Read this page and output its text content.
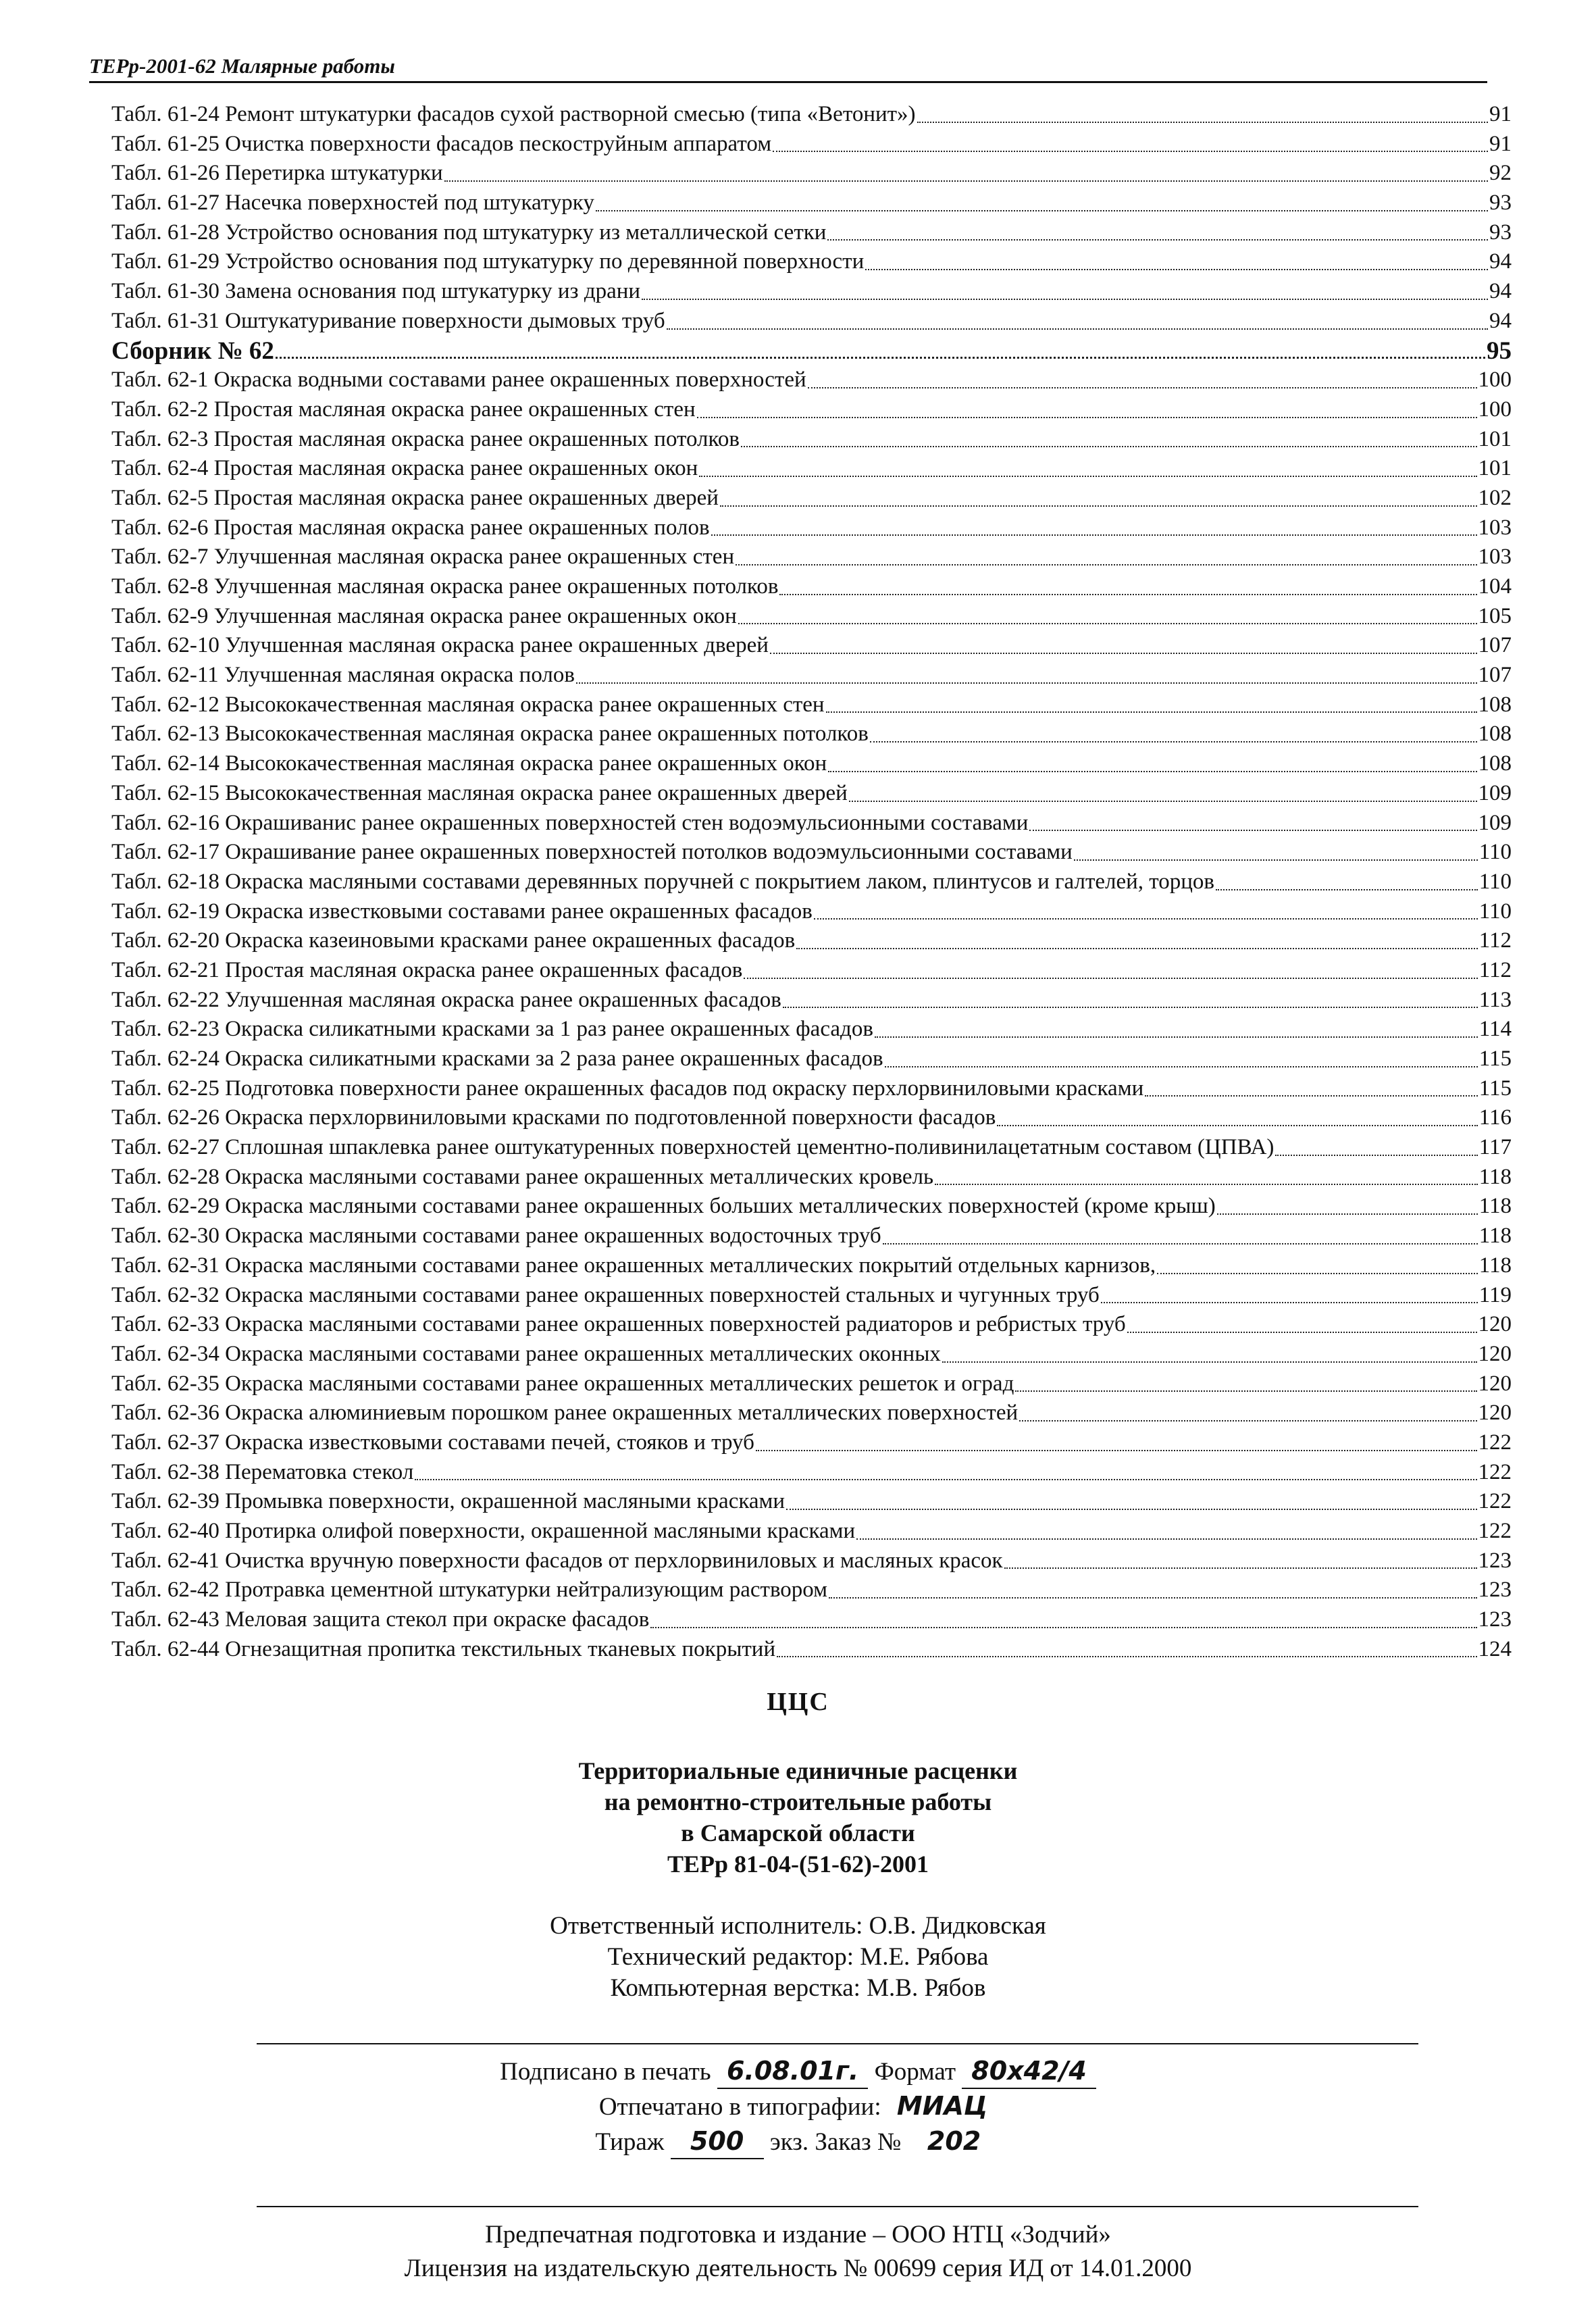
ТЕРр-2001-62 Малярные работы
Табл. 61-24 Ремонт штукатурки фасадов сухой растворной смесью (типа «Ветонит»)	91
Табл. 61-25 Очистка поверхности фасадов пескоструйным аппаратом	91
Табл. 61-26 Перетирка штукатурки	92
Табл. 61-27 Насечка поверхностей под штукатурку	93
Табл. 61-28 Устройство основания под штукатурку из металлической сетки	93
Табл. 61-29 Устройство основания под штукатурку по деревянной поверхности	94
Табл. 61-30 Замена основания под штукатурку из драни	94
Табл. 61-31 Оштукатуривание поверхности дымовых труб	94
Сборник № 62	95
Табл. 62-1 Окраска водными составами ранее окрашенных поверхностей	100
Табл. 62-2 Простая масляная окраска ранее окрашенных стен	100
Табл. 62-3 Простая масляная окраска ранее окрашенных потолков	101
Табл. 62-4 Простая масляная окраска ранее окрашенных окон	101
Табл. 62-5 Простая масляная окраска ранее окрашенных дверей	102
Табл. 62-6 Простая масляная окраска ранее окрашенных полов	103
Табл. 62-7 Улучшенная масляная окраска ранее окрашенных стен	103
Табл. 62-8 Улучшенная масляная окраска ранее окрашенных потолков	104
Табл. 62-9 Улучшенная масляная окраска ранее окрашенных окон	105
Табл. 62-10 Улучшенная масляная окраска ранее окрашенных дверей	107
Табл. 62-11 Улучшенная масляная окраска полов	107
Табл. 62-12 Высококачественная масляная окраска ранее окрашенных стен	108
Табл. 62-13 Высококачественная масляная окраска ранее окрашенных потолков	108
Табл. 62-14 Высококачественная масляная окраска ранее окрашенных окон	108
Табл. 62-15 Высококачественная масляная окраска ранее окрашенных дверей	109
Табл. 62-16 Окрашиванис ранее окрашенных поверхностей стен водоэмульсионными составами	109
Табл. 62-17 Окрашивание ранее окрашенных поверхностей потолков водоэмульсионными составами	110
Табл. 62-18 Окраска масляными составами деревянных поручней с покрытием лаком, плинтусов и галтелей, торцов	110
Табл. 62-19 Окраска известковыми составами ранее окрашенных фасадов	110
Табл. 62-20 Окраска казеиновыми красками ранее окрашенных фасадов	112
Табл. 62-21 Простая масляная окраска ранее окрашенных фасадов	112
Табл. 62-22 Улучшенная масляная окраска ранее окрашенных фасадов	113
Табл. 62-23 Окраска силикатными красками за 1 раз ранее окрашенных фасадов	114
Табл. 62-24 Окраска силикатными красками за 2 раза ранее окрашенных фасадов	115
Табл. 62-25 Подготовка поверхности ранее окрашенных фасадов под окраску перхлорвиниловыми красками	115
Табл. 62-26 Окраска перхлорвиниловыми красками по подготовленной поверхности фасадов	116
Табл. 62-27 Сплошная шпаклевка ранее оштукатуренных поверхностей цементно-поливинилацетатным составом (ЦПВА)	117
Табл. 62-28 Окраска масляными составами ранее окрашенных металлических кровель	118
Табл. 62-29 Окраска масляными составами ранее окрашенных больших металлических поверхностей (кроме крыш)	118
Табл. 62-30 Окраска масляными составами ранее окрашенных водосточных труб	118
Табл. 62-31 Окраска масляными составами ранее окрашенных металлических покрытий отдельных карнизов,	118
Табл. 62-32 Окраска масляными составами ранее окрашенных поверхностей стальных и чугунных труб	119
Табл. 62-33 Окраска масляными составами ранее окрашенных поверхностей радиаторов и ребристых труб	120
Табл. 62-34 Окраска масляными составами ранее окрашенных металлических оконных	120
Табл. 62-35 Окраска масляными составами ранее окрашенных металлических решеток и оград	120
Табл. 62-36 Окраска алюминиевым порошком ранее окрашенных металлических поверхностей	120
Табл. 62-37 Окраска известковыми составами печей, стояков и труб	122
Табл. 62-38 Перематовка стекол	122
Табл. 62-39 Промывка поверхности, окрашенной масляными красками	122
Табл. 62-40 Протирка олифой поверхности, окрашенной масляными красками	122
Табл. 62-41 Очистка вручную поверхности фасадов от перхлорвиниловых и масляных красок	123
Табл. 62-42 Протравка цементной штукатурки нейтрализующим раствором	123
Табл. 62-43 Меловая защита стекол при окраске фасадов	123
Табл. 62-44 Огнезащитная пропитка текстильных тканевых покрытий	124
ЦЦС
Территориальные единичные расценки
на ремонтно-строительные работы
в Самарской области
ТЕРр 81-04-(51-62)-2001
Ответственный исполнитель: О.В. Дидковская
Технический редактор: М.Е. Рябова
Компьютерная верстка: М.В. Рябов
Подписано в печать 6.08.01г. Формат 80x42/4
Отпечатано в типографии: МИАЦ
Тираж 500 экз. Заказ № 202
Предпечатная подготовка и издание – ООО НТЦ «Зодчий»
Лицензия на издательскую деятельность № 00699 серия ИД от 14.01.2000
